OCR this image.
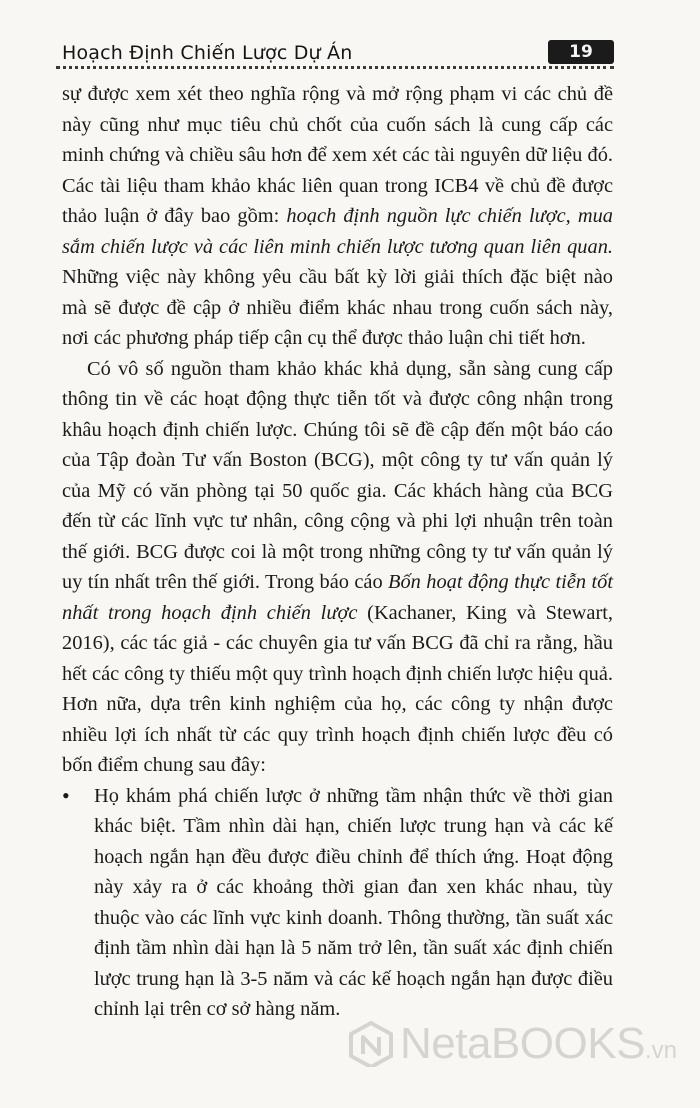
Hoạch Định Chiến Lược Dự Án	19

sự được xem xét theo nghĩa rộng và mở rộng phạm vi các chủ đề này cũng như mục tiêu chủ chốt của cuốn sách là cung cấp các minh chứng và chiều sâu hơn để xem xét các tài nguyên dữ liệu đó. Các tài liệu tham khảo khác liên quan trong ICB4 về chủ đề được thảo luận ở đây bao gồm: hoạch định nguồn lực chiến lược, mua sắm chiến lược và các liên minh chiến lược tương quan liên quan. Những việc này không yêu cầu bất kỳ lời giải thích đặc biệt nào mà sẽ được đề cập ở nhiều điểm khác nhau trong cuốn sách này, nơi các phương pháp tiếp cận cụ thể được thảo luận chi tiết hơn.

Có vô số nguồn tham khảo khác khả dụng, sẵn sàng cung cấp thông tin về các hoạt động thực tiễn tốt và được công nhận trong khâu hoạch định chiến lược. Chúng tôi sẽ đề cập đến một báo cáo của Tập đoàn Tư vấn Boston (BCG), một công ty tư vấn quản lý của Mỹ có văn phòng tại 50 quốc gia. Các khách hàng của BCG đến từ các lĩnh vực tư nhân, công cộng và phi lợi nhuận trên toàn thế giới. BCG được coi là một trong những công ty tư vấn quản lý uy tín nhất trên thế giới. Trong báo cáo Bốn hoạt động thực tiễn tốt nhất trong hoạch định chiến lược (Kachaner, King và Stewart, 2016), các tác giả - các chuyên gia tư vấn BCG đã chỉ ra rằng, hầu hết các công ty thiếu một quy trình hoạch định chiến lược hiệu quả. Hơn nữa, dựa trên kinh nghiệm của họ, các công ty nhận được nhiều lợi ích nhất từ các quy trình hoạch định chiến lược đều có bốn điểm chung sau đây:

•	Họ khám phá chiến lược ở những tầm nhận thức về thời gian khác biệt. Tầm nhìn dài hạn, chiến lược trung hạn và các kế hoạch ngắn hạn đều được điều chỉnh để thích ứng. Hoạt động này xảy ra ở các khoảng thời gian đan xen khác nhau, tùy thuộc vào các lĩnh vực kinh doanh. Thông thường, tần suất xác định tầm nhìn dài hạn là 5 năm trở lên, tần suất xác định chiến lược trung hạn là 3-5 năm và các kế hoạch ngắn hạn được điều chỉnh lại trên cơ sở hàng năm.

NetaBOOKS.vn
